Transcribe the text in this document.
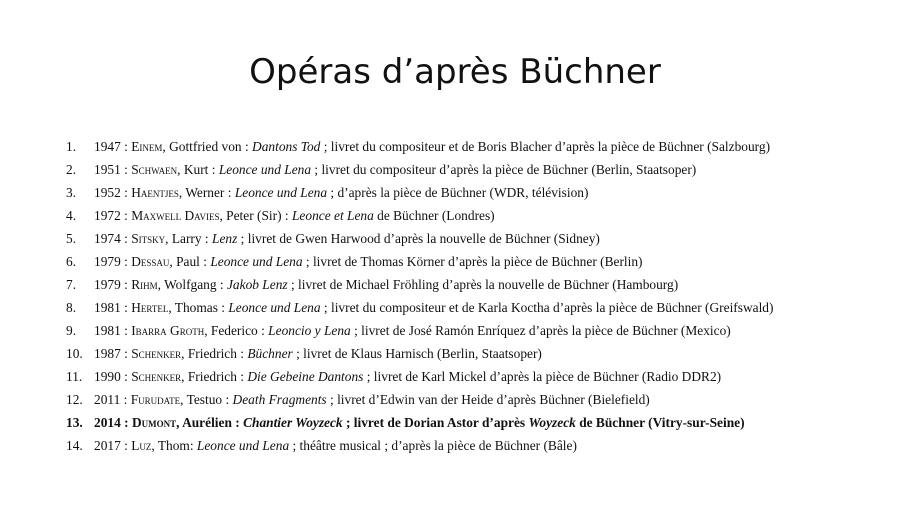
Opéras d’après Büchner
1.	1947 : Einem, Gottfried von : Dantons Tod ; livret du compositeur et de Boris Blacher d’après la pièce de Büchner (Salzbourg)
2.	1951 : Schwaen, Kurt : Leonce und Lena ; livret du compositeur d’après la pièce de Büchner (Berlin, Staatsoper)
3.	1952 : Haentjes, Werner : Leonce und Lena ; d’après la pièce de Büchner (WDR, télévision)
4.	1972 : Maxwell Davies, Peter (Sir) : Leonce et Lena de Büchner (Londres)
5.	1974 : Sitsky, Larry : Lenz ; livret de Gwen Harwood d’après la nouvelle de Büchner (Sidney)
6.	1979 : Dessau, Paul : Leonce und Lena ; livret de Thomas Körner d’après la pièce de Büchner (Berlin)
7.	1979 : Rihm, Wolfgang : Jakob Lenz ; livret de Michael Fröhling d’après la nouvelle de Büchner (Hambourg)
8.	1981 : Hertel, Thomas : Leonce und Lena ; livret du compositeur et de Karla Koctha d’après la pièce de Büchner (Greifswald)
9.	1981 : Ibarra Groth, Federico : Leoncio y Lena ; livret de José Ramón Enríquez d’après la pièce de Büchner (Mexico)
10. 1987 : Schenker, Friedrich : Büchner ; livret de Klaus Harnisch (Berlin, Staatsoper)
11. 1990 : Schenker, Friedrich : Die Gebeine Dantons ; livret de Karl Mickel d’après la pièce de Büchner (Radio DDR2)
12. 2011 : Furudate, Testuo : Death Fragments ; livret d’Edwin van der Heide d’après Büchner (Bielefield)
13. 2014 : Dumont, Aurélien : Chantier Woyzeck ; livret de Dorian Astor d’après Woyzeck de Büchner (Vitry-sur-Seine)
14. 2017 : Luz, Thom: Leonce und Lena ; théâtre musical ; d’après la pièce de Büchner (Bâle)
